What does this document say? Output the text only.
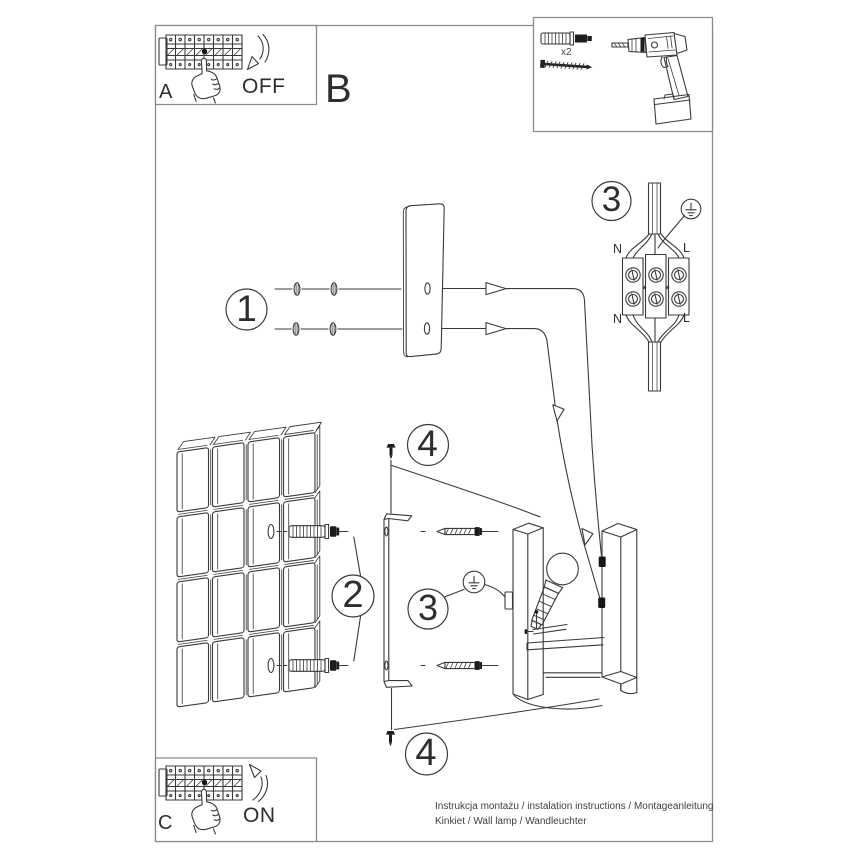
A	OFF B
x2
1
2
3
3
4
4
N	L
N	L
C	ON	Instrukcja montażu / instalation instructions / Montageanleitung
Kinkiet / Wall lamp / Wandleuchter
